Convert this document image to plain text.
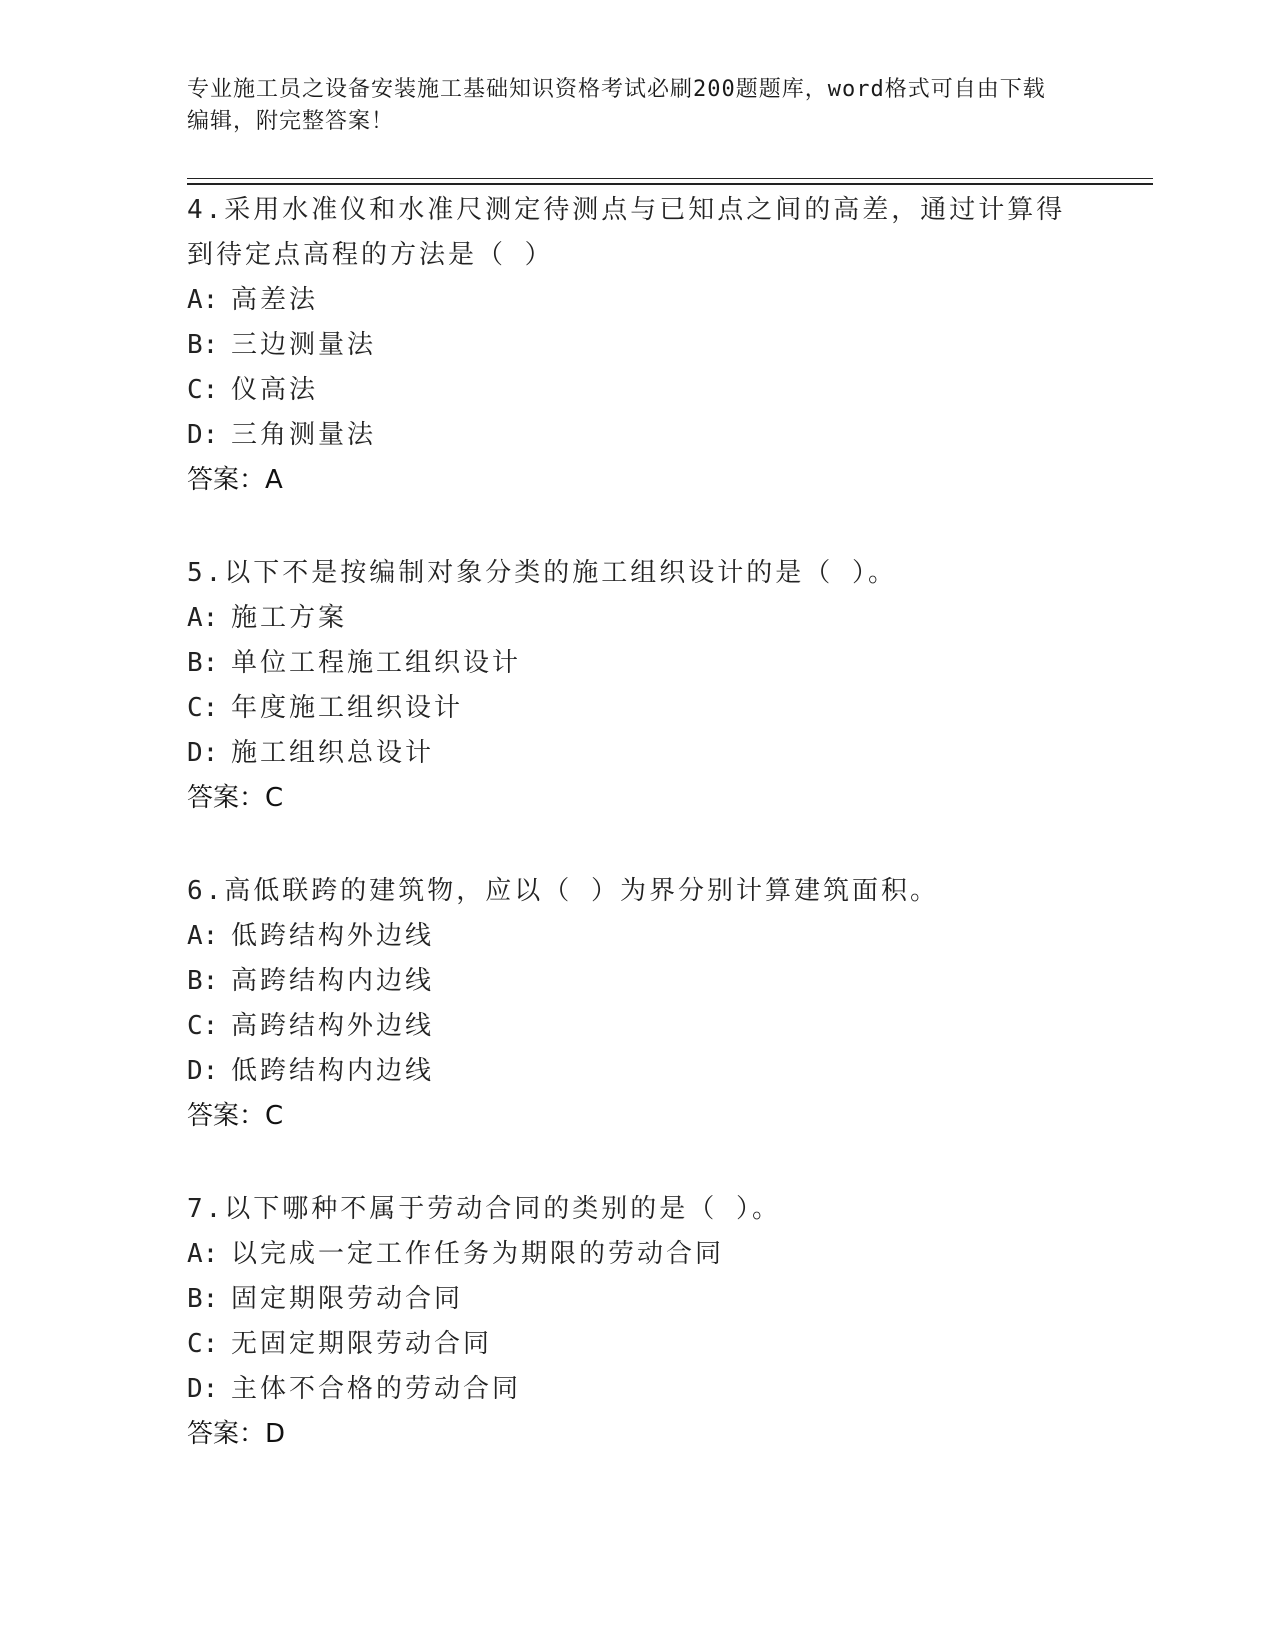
专业施工员之设备安装施工基础知识资格考试必刷200题题库，word格式可自由下载编辑，附完整答案！
4.采用水准仪和水准尺测定待测点与已知点之间的高差，通过计算得到待定点高程的方法是（ ）
A: 高差法
B: 三边测量法
C: 仪高法
D: 三角测量法
答案：A
5.以下不是按编制对象分类的施工组织设计的是（ ）。
A: 施工方案
B: 单位工程施工组织设计
C: 年度施工组织设计
D: 施工组织总设计
答案：C
6.高低联跨的建筑物，应以（ ）为界分别计算建筑面积。
A: 低跨结构外边线
B: 高跨结构内边线
C: 高跨结构外边线
D: 低跨结构内边线
答案：C
7.以下哪种不属于劳动合同的类别的是（ ）。
A: 以完成一定工作任务为期限的劳动合同
B: 固定期限劳动合同
C: 无固定期限劳动合同
D: 主体不合格的劳动合同
答案：D
